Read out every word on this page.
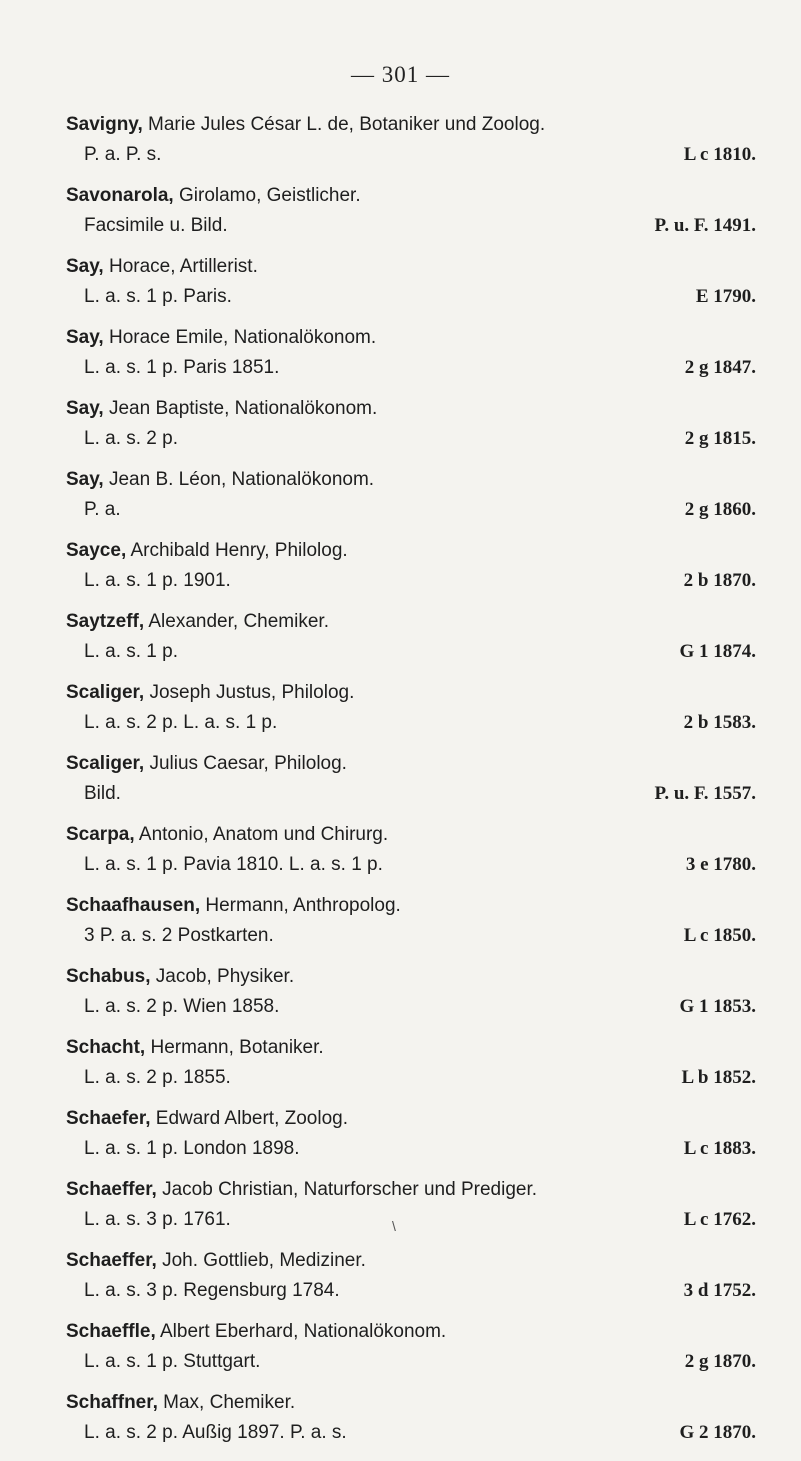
— 301 —
Savigny, Marie Jules César L. de, Botaniker und Zoolog.
P. a. P. s.	L c 1810.
Savonarola, Girolamo, Geistlicher.
Facsimile u. Bild.	P. u. F. 1491.
Say, Horace, Artillerist.
L. a. s. 1 p. Paris.	E 1790.
Say, Horace Emile, Nationalökonom.
L. a. s. 1 p. Paris 1851.	2 g 1847.
Say, Jean Baptiste, Nationalökonom.
L. a. s. 2 p.	2 g 1815.
Say, Jean B. Léon, Nationalökonom.
P. a.	2 g 1860.
Sayce, Archibald Henry, Philolog.
L. a. s. 1 p. 1901.	2 b 1870.
Saytzeff, Alexander, Chemiker.
L. a. s. 1 p.	G 1 1874.
Scaliger, Joseph Justus, Philolog.
L. a. s. 2 p. L. a. s. 1 p.	2 b 1583.
Scaliger, Julius Caesar, Philolog.
Bild.	P. u. F. 1557.
Scarpa, Antonio, Anatom und Chirurg.
L. a. s. 1 p. Pavia 1810. L. a. s. 1 p.	3 e 1780.
Schaafhausen, Hermann, Anthropolog.
3 P. a. s. 2 Postkarten.	L c 1850.
Schabus, Jacob, Physiker.
L. a. s. 2 p. Wien 1858.	G 1 1853.
Schacht, Hermann, Botaniker.
L. a. s. 2 p. 1855.	L b 1852.
Schaefer, Edward Albert, Zoolog.
L. a. s. 1 p. London 1898.	L c 1883.
Schaeffer, Jacob Christian, Naturforscher und Prediger.
L. a. s. 3 p. 1761.	L c 1762.
Schaeffer, Joh. Gottlieb, Mediziner.
L. a. s. 3 p. Regensburg 1784.	3 d 1752.
Schaeffle, Albert Eberhard, Nationalökonom.
L. a. s. 1 p. Stuttgart.	2 g 1870.
Schaffner, Max, Chemiker.
L. a. s. 2 p. Außig 1897. P. a. s.	G 2 1870.
\
